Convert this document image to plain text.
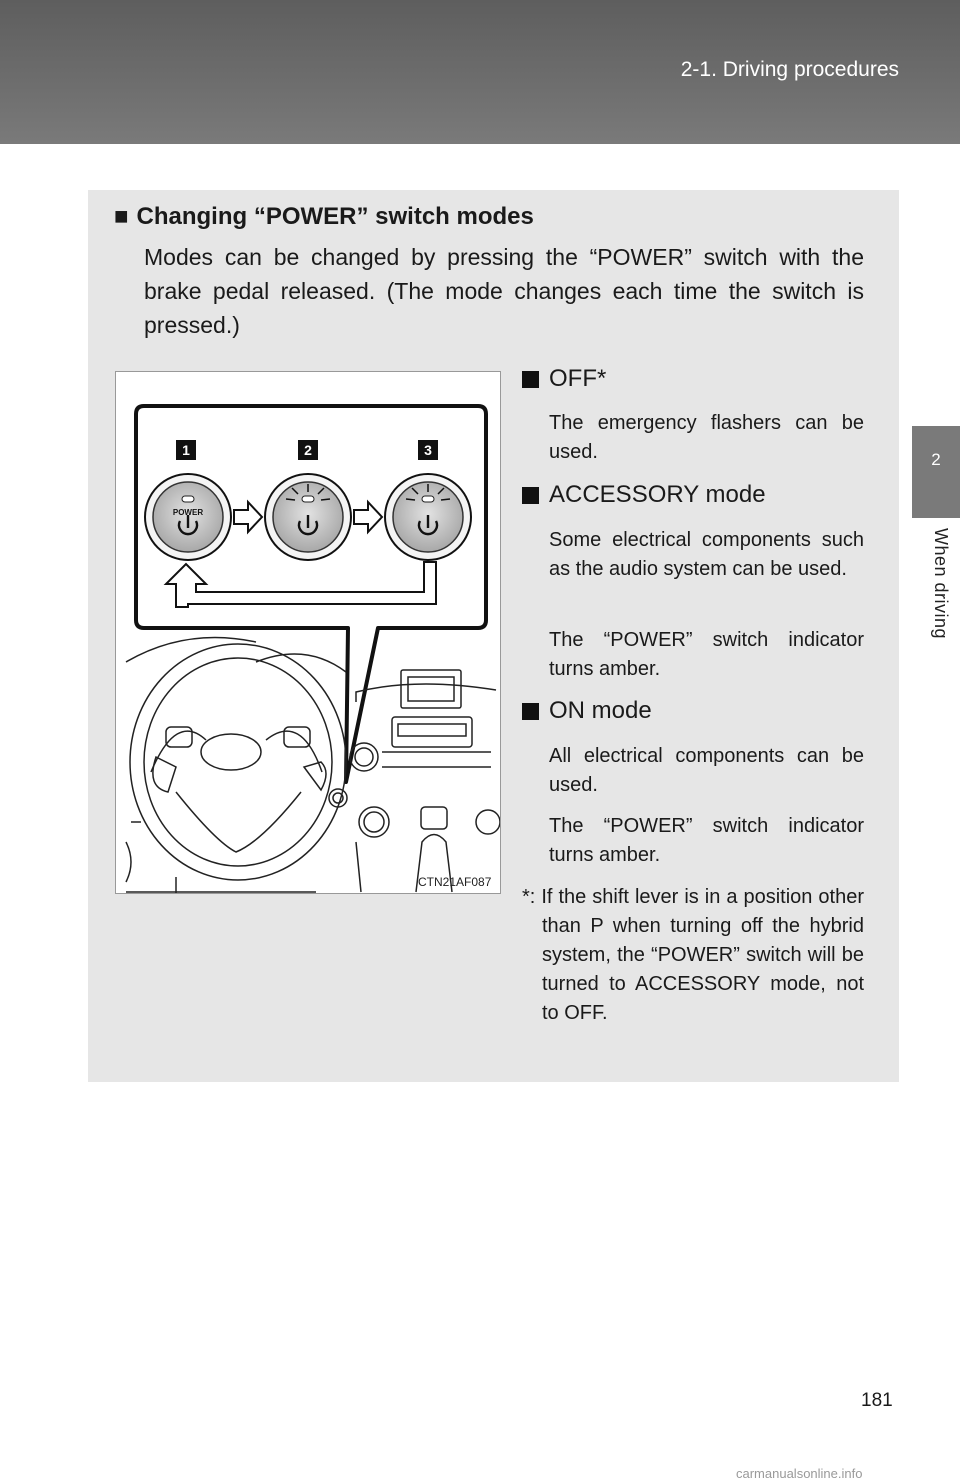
2-1. Driving procedures
2
When driving
■ Changing “POWER” switch modes
Modes can be changed by pressing the “POWER” switch with the brake pedal released. (The mode changes each time the switch is pressed.)
1	2	3
POWER
CTN21AF087
OFF*
The emergency flashers can be used.
ACCESSORY mode
Some electrical components such as the audio system can be used.
The “POWER” switch indicator turns amber.
ON mode
All electrical components can be used.
The “POWER” switch indicator turns amber.
*: If the shift lever is in a position other than P when turning off the hybrid system, the “POWER” switch will be turned to ACCESSORY mode, not to OFF.
181
carmanualsonline.info
